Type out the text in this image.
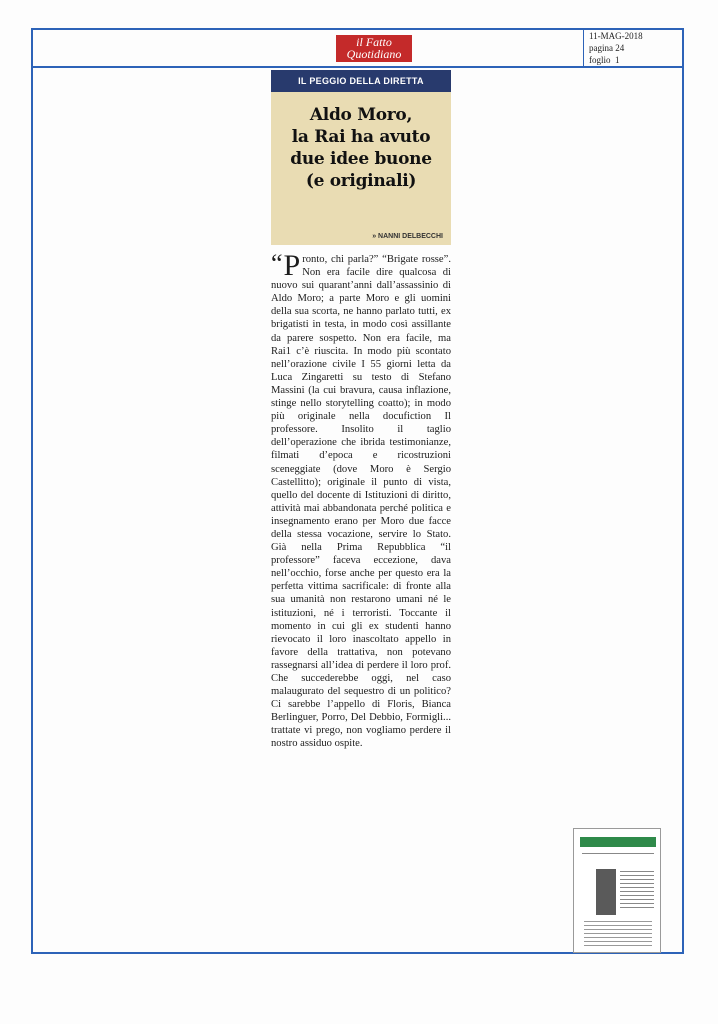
il Fatto
Quotidiano
11-MAG-2018
pagina 24
foglio  1
IL PEGGIO DELLA DIRETTA
Aldo Moro,
la Rai ha avuto
due idee buone
(e originali)
» NANNI DELBECCHI
“ P ronto, chi parla?” “Brigate rosse”. Non era facile dire qualcosa di nuovo sui quarant’anni dall’assassinio di Aldo Moro; a parte Moro e gli uomini della sua scorta, ne hanno parlato tutti, ex brigatisti in testa, in modo così assillante da parere sospetto. Non era facile, ma Rai1 c’è riuscita. In modo più scontato nell’orazione civile I 55 giorni letta da Luca Zingaretti su testo di Stefano Massini (la cui bravura, causa inflazione, stinge nello storytelling coatto); in modo più originale nella docufiction Il professore. Insolito il taglio dell’operazione che ibrida testimonianze, filmati d’epoca e ricostruzioni sceneggiate (dove Moro è Sergio Castellitto); originale il punto di vista, quello del docente di Istituzioni di diritto, attività mai abbandonata perché politica e insegnamento erano per Moro due facce della stessa vocazione, servire lo Stato. Già nella Prima Repubblica “il professore” faceva eccezione, dava nell’occhio, forse anche per questo era la perfetta vittima sacrificale: di fronte alla sua umanità non restarono umani né le istituzioni, né i terroristi. Toccante il momento in cui gli ex studenti hanno rievocato il loro inascoltato appello in favore della trattativa, non potevano rassegnarsi all’idea di perdere il loro prof. Che succederebbe oggi, nel caso malaugurato del sequestro di un politico? Ci sarebbe l’appello di Floris, Bianca Berlinguer, Porro, Del Debbio, Formigli... trattate vi prego, non vogliamo perdere il nostro assiduo ospite.
